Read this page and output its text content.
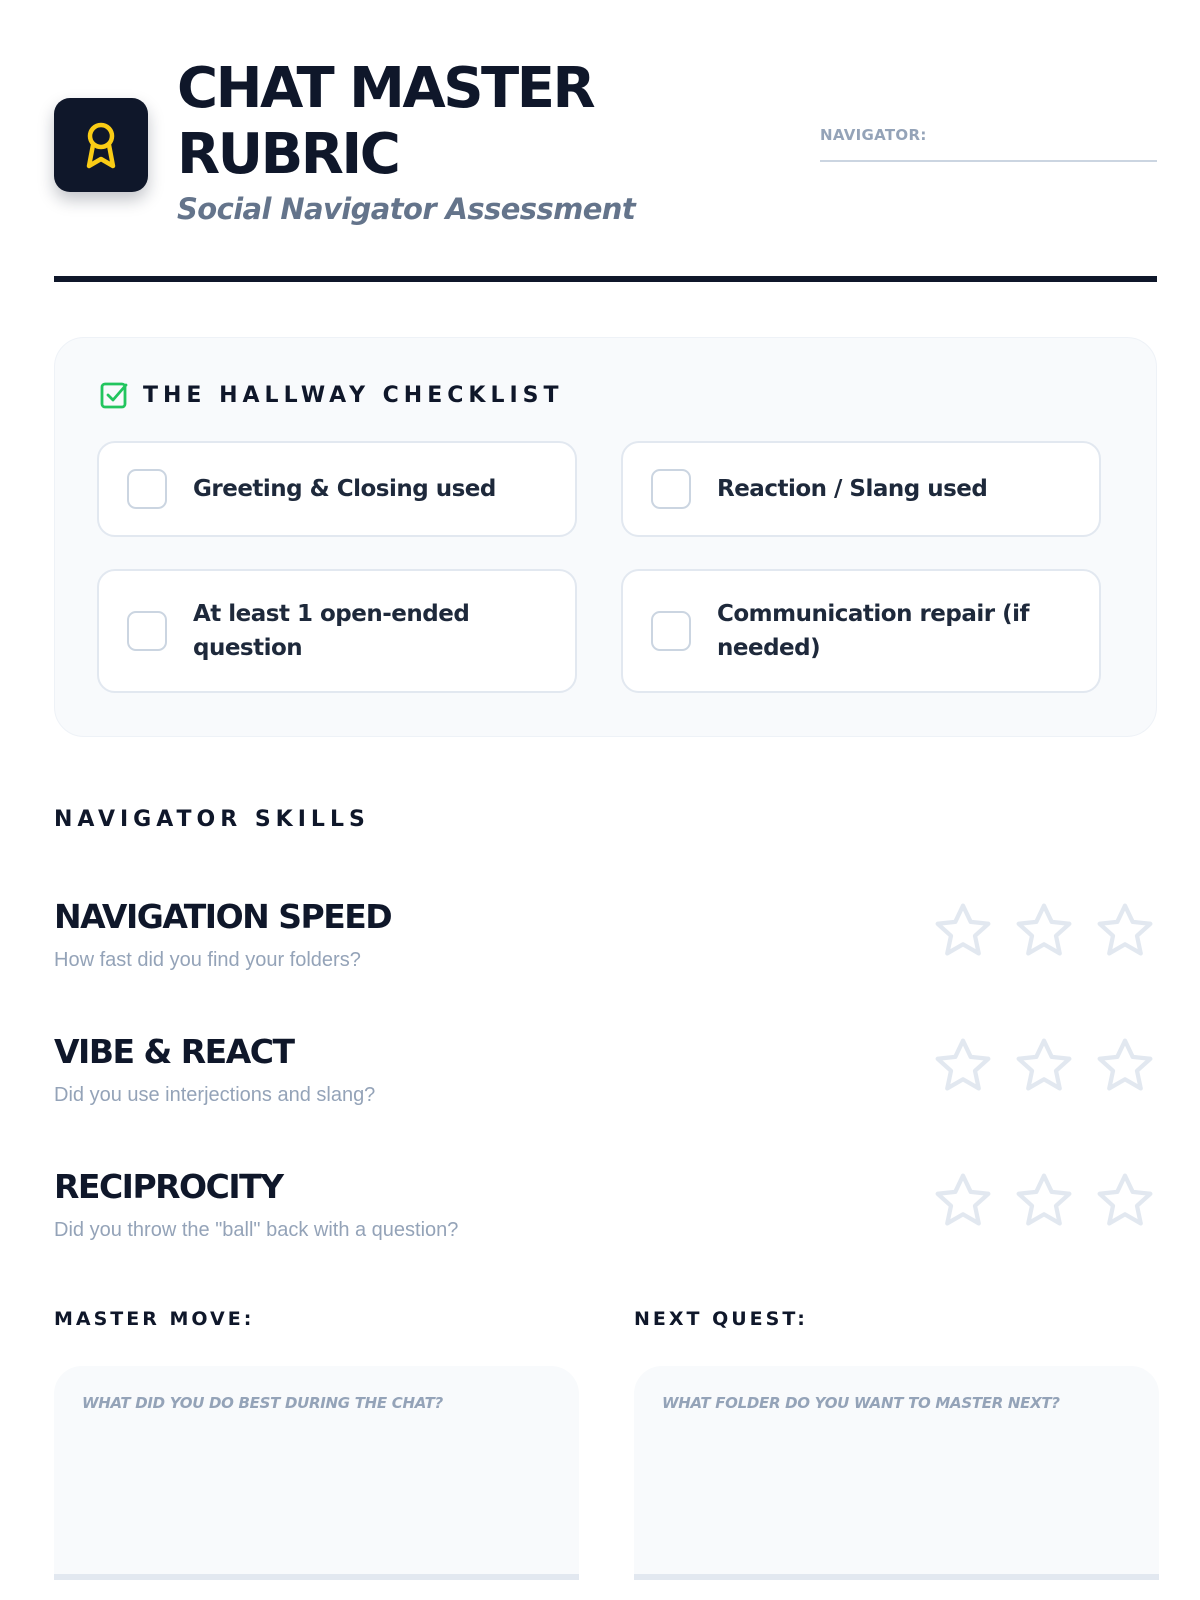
CHAT MASTER
RUBRIC
Social Navigator Assessment
NAVIGATOR:
THE HALLWAY CHECKLIST
Greeting & Closing used	Reaction / Slang used
At least 1 open-ended question
Communication repair (if needed)
NAVIGATOR SKILLS
NAVIGATION SPEED
How fast did you find your folders?
VIBE & REACT
Did you use interjections and slang?
RECIPROCITY
Did you throw the "ball" back with a question?
MASTER MOVE:	NEXT QUEST:
WHAT DID YOU DO BEST DURING THE CHAT?	WHAT FOLDER DO YOU WANT TO MASTER NEXT?
